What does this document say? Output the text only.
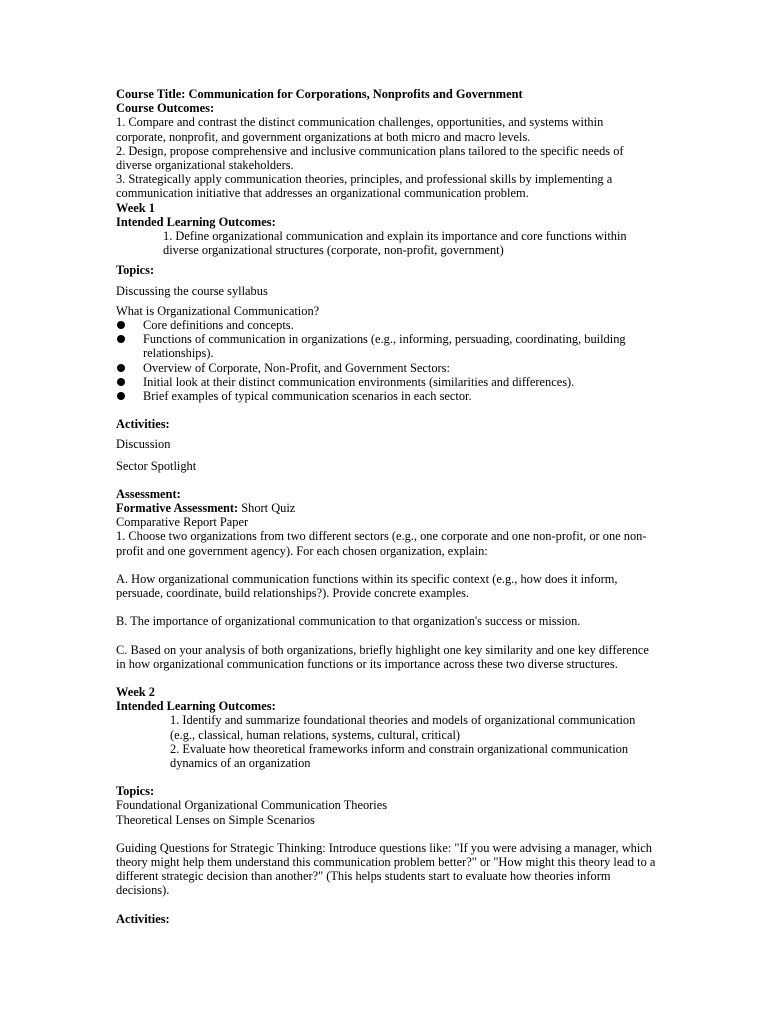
Course Title: Communication for Corporations, Nonprofits and Government

Course Outcomes:

1. Compare and contrast the distinct communication challenges, opportunities, and systems within corporate, nonprofit, and government organizations at both micro and macro levels.

2. Design, propose comprehensive and inclusive communication plans tailored to the specific needs of diverse organizational stakeholders.

3. Strategically apply communication theories, principles, and professional skills by implementing a communication initiative that addresses an organizational communication problem.

Week 1

Intended Learning Outcomes:

1. Define organizational communication and explain its importance and core functions within diverse organizational structures (corporate, non-profit, government)

Topics:

Discussing the course syllabus

What is Organizational Communication?

Core definitions and concepts.
Functions of communication in organizations (e.g., informing, persuading, coordinating, building relationships).
Overview of Corporate, Non-Profit, and Government Sectors:
Initial look at their distinct communication environments (similarities and differences).
Brief examples of typical communication scenarios in each sector.

Activities:

Discussion

Sector Spotlight

Assessment:

Formative Assessment: Short Quiz

Comparative Report Paper

1. Choose two organizations from two different sectors (e.g., one corporate and one non-profit, or one non-profit and one government agency). For each chosen organization, explain:

A. How organizational communication functions within its specific context (e.g., how does it inform, persuade, coordinate, build relationships?). Provide concrete examples.

B. The importance of organizational communication to that organization's success or mission.

C. Based on your analysis of both organizations, briefly highlight one key similarity and one key difference in how organizational communication functions or its importance across these two diverse structures.

Week 2

Intended Learning Outcomes:

1. Identify and summarize foundational theories and models of organizational communication (e.g., classical, human relations, systems, cultural, critical)

2. Evaluate how theoretical frameworks inform and constrain organizational communication dynamics of an organization

Topics:

Foundational Organizational Communication Theories

Theoretical Lenses on Simple Scenarios

Guiding Questions for Strategic Thinking: Introduce questions like: "If you were advising a manager, which theory might help them understand this communication problem better?" or "How might this theory lead to a different strategic decision than another?" (This helps students start to evaluate how theories inform decisions).

Activities:
